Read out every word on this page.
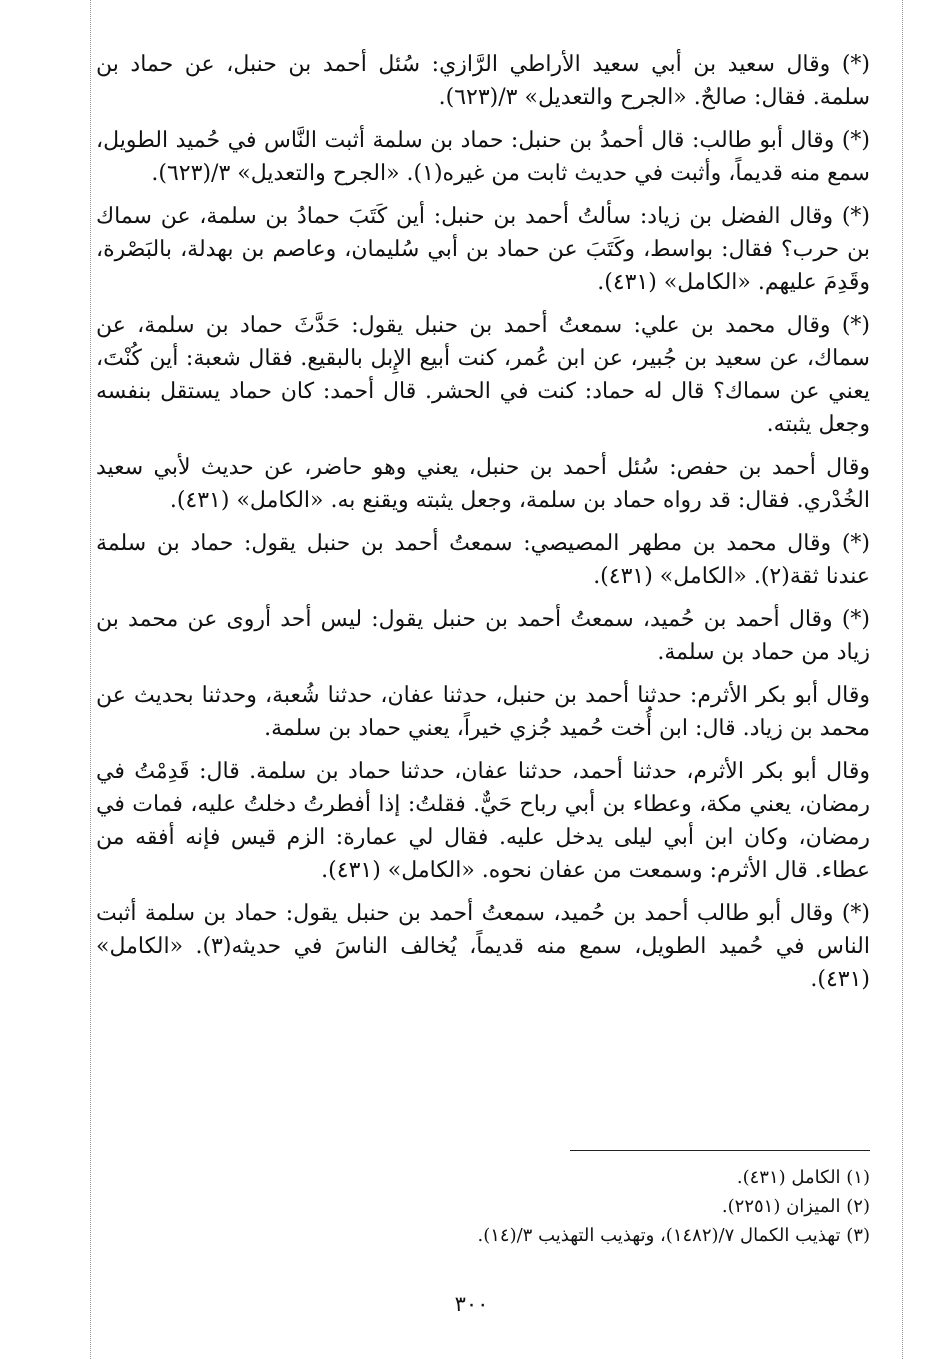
(*) وقال سعيد بن أبي سعيد الأراطي الرَّازي: سُئل أحمد بن حنبل، عن حماد بن سلمة. فقال: صالحٌ. «الجرح والتعديل» ٣/(٦٢٣).

(*) وقال أبو طالب: قال أحمدُ بن حنبل: حماد بن سلمة أثبت النَّاس في حُميد الطويل، سمع منه قديماً، وأثبت في حديث ثابت من غيره(١). «الجرح والتعديل» ٣/(٦٢٣).

(*) وقال الفضل بن زياد: سألتُ أحمد بن حنبل: أين كَتَبَ حمادُ بن سلمة، عن سماك بن حرب؟ فقال: بواسط، وكَتَبَ عن حماد بن أبي سُليمان، وعاصم بن بهدلة، بالبَصْرة، وقَدِمَ عليهم. «الكامل» (٤٣١).

(*) وقال محمد بن علي: سمعتُ أحمد بن حنبل يقول: حَدَّثَ حماد بن سلمة، عن سماك، عن سعيد بن جُبير، عن ابن عُمر، كنت أبيع الإِبل بالبقيع. فقال شعبة: أين كُنْتَ، يعني عن سماك؟ قال له حماد: كنت في الحشر. قال أحمد: كان حماد يستقل بنفسه وجعل يثبته.

وقال أحمد بن حفص: سُئل أحمد بن حنبل، يعني وهو حاضر، عن حديث لأبي سعيد الخُدْري. فقال: قد رواه حماد بن سلمة، وجعل يثبته ويقنع به. «الكامل» (٤٣١).

(*) وقال محمد بن مطهر المصيصي: سمعتُ أحمد بن حنبل يقول: حماد بن سلمة عندنا ثقة(٢). «الكامل» (٤٣١).

(*) وقال أحمد بن حُميد، سمعتُ أحمد بن حنبل يقول: ليس أحد أروى عن محمد بن زياد من حماد بن سلمة.

وقال أبو بكر الأثرم: حدثنا أحمد بن حنبل، حدثنا عفان، حدثنا شُعبة، وحدثنا بحديث عن محمد بن زياد. قال: ابن أُخت حُميد جُزي خيراً، يعني حماد بن سلمة.

وقال أبو بكر الأثرم، حدثنا أحمد، حدثنا عفان، حدثنا حماد بن سلمة. قال: قَدِمْتُ في رمضان، يعني مكة، وعطاء بن أبي رباح حَيٌّ. فقلتُ: إذا أفطرتُ دخلتُ عليه، فمات في رمضان، وكان ابن أبي ليلى يدخل عليه. فقال لي عمارة: الزم قيس فإنه أفقه من عطاء. قال الأثرم: وسمعت من عفان نحوه. «الكامل» (٤٣١).

(*) وقال أبو طالب أحمد بن حُميد، سمعتُ أحمد بن حنبل يقول: حماد بن سلمة أثبت الناس في حُميد الطويل، سمع منه قديماً، يُخالف الناسَ في حديثه(٣). «الكامل» (٤٣١).

(١) الكامل (٤٣١).

(٢) الميزان (٢٢٥١).

(٣) تهذيب الكمال ٧/(١٤٨٢)، وتهذيب التهذيب ٣/(١٤).

٣٠٠
